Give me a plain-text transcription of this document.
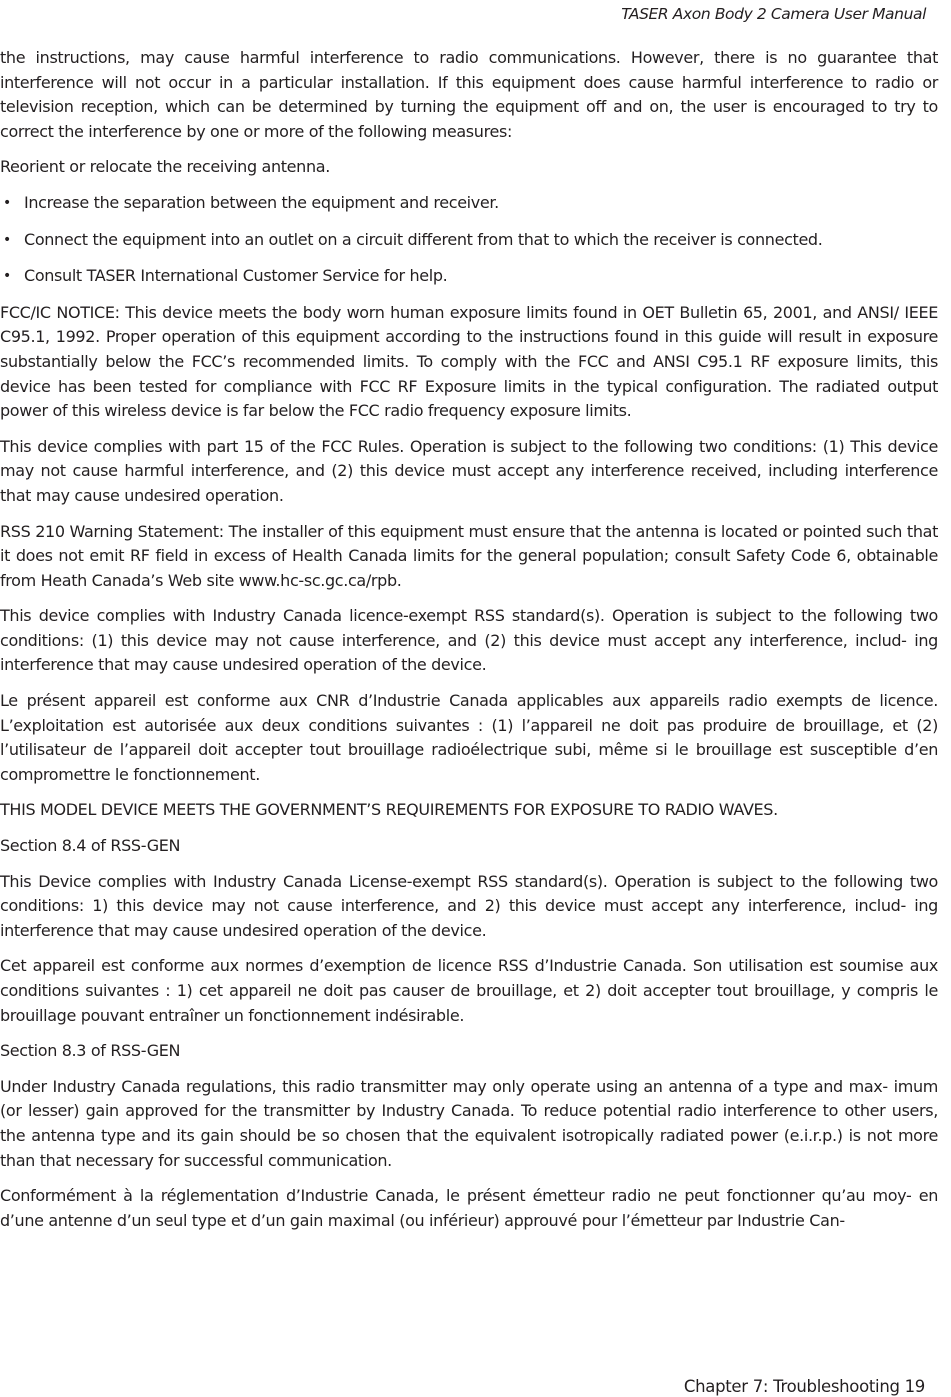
TASER Axon Body 2 Camera User Manual

the instructions, may cause harmful interference to radio communications. However, there is no guarantee that interference will not occur in a particular installation. If this equipment does cause harmful interference to radio or television reception, which can be determined by turning the equipment off and on, the user is encouraged to try to correct the interference by one or more of the following measures:

Reorient or relocate the receiving antenna.

• Increase the separation between the equipment and receiver.
• Connect the equipment into an outlet on a circuit different from that to which the receiver is connected.
• Consult TASER International Customer Service for help.

FCC/IC NOTICE: This device meets the body worn human exposure limits found in OET Bulletin 65, 2001, and ANSI/ IEEE C95.1, 1992. Proper operation of this equipment according to the instructions found in this guide will result in exposure substantially below the FCC’s recommended limits. To comply with the FCC and ANSI C95.1 RF exposure limits, this device has been tested for compliance with FCC RF Exposure limits in the typical configuration. The radiated output power of this wireless device is far below the FCC radio frequency exposure limits.

This device complies with part 15 of the FCC Rules. Operation is subject to the following two conditions: (1) This device may not cause harmful interference, and (2) this device must accept any interference received, including interference that may cause undesired operation.

RSS 210 Warning Statement: The installer of this equipment must ensure that the antenna is located or pointed such that it does not emit RF field in excess of Health Canada limits for the general population; consult Safety Code 6, obtainable from Heath Canada’s Web site www.hc-sc.gc.ca/rpb.

This device complies with Industry Canada licence-exempt RSS standard(s). Operation is subject to the following two conditions: (1) this device may not cause interference, and (2) this device must accept any interference, includ- ing interference that may cause undesired operation of the device.

Le présent appareil est conforme aux CNR d’Industrie Canada applicables aux appareils radio exempts de licence. L’exploitation est autorisée aux deux conditions suivantes : (1) l’appareil ne doit pas produire de brouillage, et (2) l’utilisateur de l’appareil doit accepter tout brouillage radioélectrique subi, même si le brouillage est susceptible d’en compromettre le fonctionnement.

THIS MODEL DEVICE MEETS THE GOVERNMENT’S REQUIREMENTS FOR EXPOSURE TO RADIO WAVES.

Section 8.4 of RSS-GEN

This Device complies with Industry Canada License-exempt RSS standard(s). Operation is subject to the following two conditions: 1) this device may not cause interference, and 2) this device must accept any interference, includ- ing interference that may cause undesired operation of the device.

Cet appareil est conforme aux normes d’exemption de licence RSS d’Industrie Canada. Son utilisation est soumise aux conditions suivantes : 1) cet appareil ne doit pas causer de brouillage, et 2) doit accepter tout brouillage, y compris le brouillage pouvant entraîner un fonctionnement indésirable.

Section 8.3 of RSS-GEN

Under Industry Canada regulations, this radio transmitter may only operate using an antenna of a type and max- imum (or lesser) gain approved for the transmitter by Industry Canada. To reduce potential radio interference to other users, the antenna type and its gain should be so chosen that the equivalent isotropically radiated power (e.i.r.p.) is not more than that necessary for successful communication.

Conformément à la réglementation d’Industrie Canada, le présent émetteur radio ne peut fonctionner qu’au moy- en d’une antenne d’un seul type et d’un gain maximal (ou inférieur) approuvé pour l’émetteur par Industrie Can-

Chapter 7: Troubleshooting 19
